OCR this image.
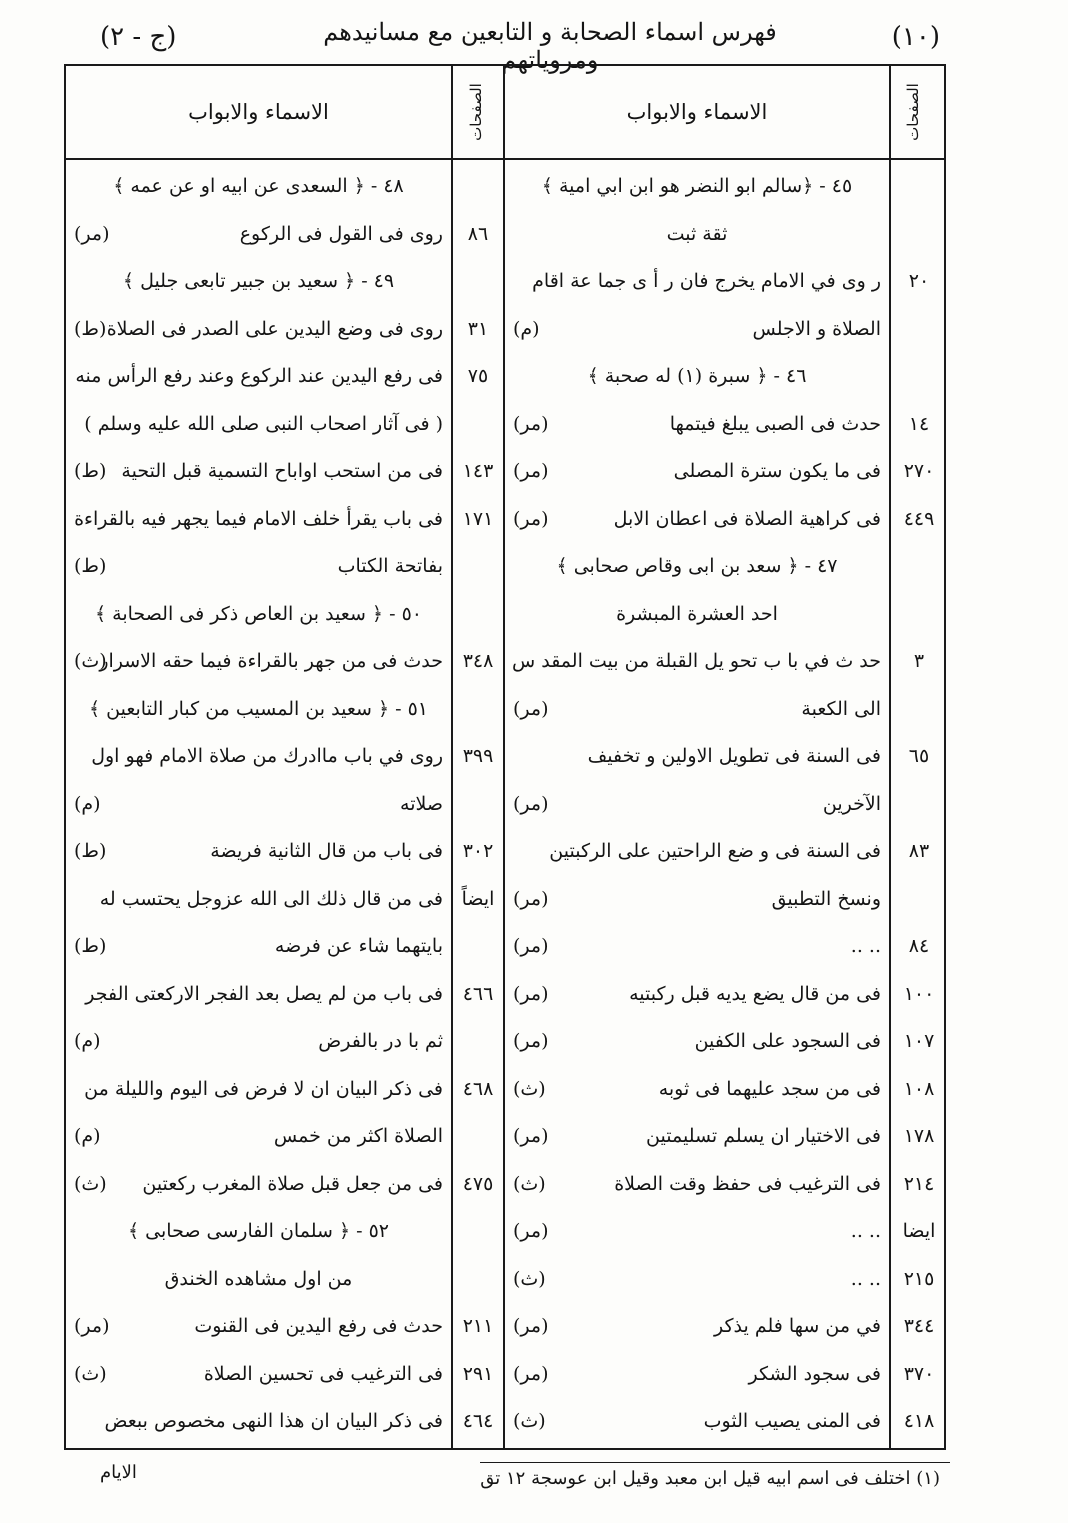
(١٠)
فهرس اسماء الصحابة و التابعين مع مسانيدهم ومروياتهم
(ج - ٢)
الصفحات
الاسماء والابواب
الصفحات
الاسماء والابواب
٤٥ - ﴿سالم ابو النضر هو ابن ابي امية ﴾
ثقة ثبت
٢٠
ر وى في الامام يخرج فان ر أ ى جما عة اقام
الصلاة و الاجلس
(م)
٤٦ - ﴿ سبرة (١) له صحبة ﴾
١٤
حدث فى الصبى يبلغ فيتمها
(مر)
٢٧٠
فى ما يكون سترة المصلى
(مر)
٤٤٩
فى كراهية الصلاة فى اعطان الابل
(مر)
٤٧ - ﴿ سعد بن ابى وقاص صحابى ﴾
احد العشرة المبشرة
٣
حد ث في با ب تحو يل القبلة من بيت المقد س
الى الكعبة
(مر)
٦٥
فى السنة فى تطويل الاولين و تخفيف
الآخرين
(مر)
٨٣
فى السنة فى و ضع الراحتين على الركبتين
ونسخ التطبيق
(مر)
٨٤
.. ..
(مر)
١٠٠
فى من قال يضع يديه قبل ركبتيه
(مر)
١٠٧
فى السجود على الكفين
(مر)
١٠٨
فى من سجد عليهما فى ثوبه
(ث)
١٧٨
فى الاختيار ان يسلم تسليمتين
(مر)
٢١٤
فى الترغيب فى حفظ وقت الصلاة
(ث)
ايضا
.. ..
(مر)
٢١٥
.. ..
(ث)
٣٤٤
في من سها فلم يذكر
(مر)
٣٧٠
فى سجود الشكر
(مر)
٤١٨
فى المنى يصيب الثوب
(ث)
٤٨ - ﴿ السعدى عن ابيه او عن عمه ﴾
٨٦
روى فى القول فى الركوع
(مر)
٤٩ - ﴿ سعيد بن جبير تابعى جليل ﴾
٣١
روى فى وضع اليدين على الصدر فى الصلاة
(ط)
٧٥
فى رفع اليدين عند الركوع وعند رفع الرأس منه
( فى آثار اصحاب النبى صلى الله عليه وسلم )
١٤٣
فى من استحب اواباح التسمية قبل التحية
(ط)
١٧١
فى باب يقرأ خلف الامام فيما يجهر فيه بالقراءة
بفاتحة الكتاب
(ط)
٥٠ - ﴿ سعيد بن العاص ذكر فى الصحابة ﴾
٣٤٨
حدث فى من جهر بالقراءة فيما حقه الاسرار
(ث)
٥١ - ﴿ سعيد بن المسيب من كبار التابعين ﴾
٣٩٩
روى في باب ماادرك من صلاة الامام فهو اول
صلاته
(م)
٣٠٢
فى باب من قال الثانية فريضة
(ط)
ايضاً
فى من قال ذلك الى الله عزوجل يحتسب له
بايتهما شاء عن فرضه
(ط)
٤٦٦
فى باب من لم يصل بعد الفجر الاركعتى الفجر
ثم با در بالفرض
(م)
٤٦٨
فى ذكر البيان ان لا فرض فى اليوم والليلة من
الصلاة اكثر من خمس
(م)
٤٧٥
فى من جعل قبل صلاة المغرب ركعتين
(ث)
٥٢ - ﴿ سلمان الفارسى صحابى ﴾
من اول مشاهده الخندق
٢١١
حدث فى رفع اليدين فى القنوت
(مر)
٢٩١
فى الترغيب فى تحسين الصلاة
(ث)
٤٦٤
فى ذكر البيان ان هذا النهى مخصوص ببعض
(١) اختلف فى اسم ابيه قيل ابن معبد وقيل ابن عوسجة ١٢ تق
الايام
